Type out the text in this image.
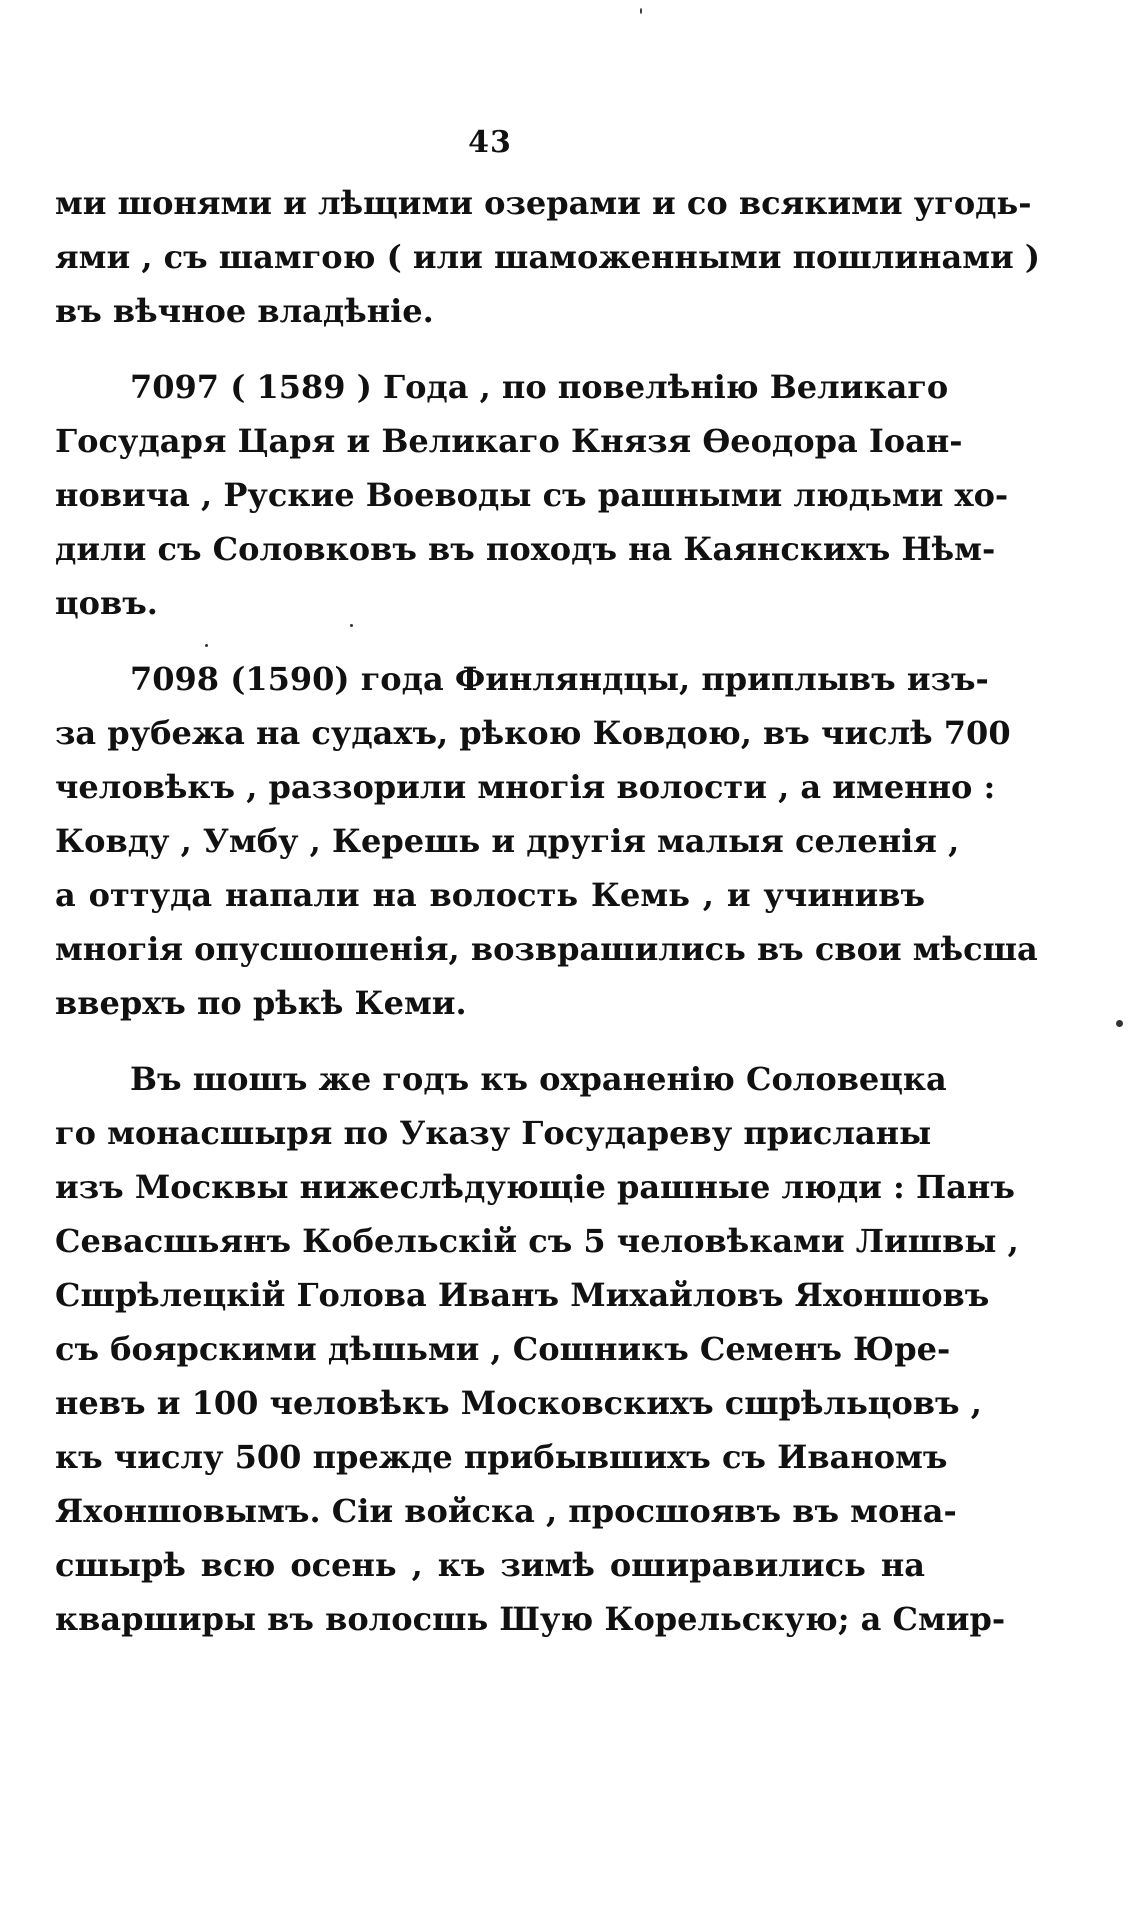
43
ми шонями и лѣщими озерами и со всякими угодь-
ями , съ шамгою ( или шаможенными пошлинами )
въ вѣчное владѣніе.
7097 ( 1589 ) Года , по повелѣнію Великаго
Государя Царя и Великаго Князя Ѳеодора Іоан-
новича , Руские Воеводы съ рашными людьми хо-
дили съ Соловковъ въ походъ на Каянскихъ Нѣм-
цовъ.
7098 (1590) года Финляндцы, приплывъ изъ-
за рубежа на судахъ, рѣкою Ковдою, въ числѣ 700
человѣкъ , раззорили многія волости , а именно :
Ковду , Умбу , Керешь и другія малыя селенія ,
а оттуда напали на волость Кемь , и учинивъ
многія опусшошенія, возврашились въ свои мѣсша
вверхъ по рѣкѣ Кеми.
Въ шошъ же годъ къ охраненію Соловецка
го монасшыря по Указу Государеву присланы
изъ Москвы нижеслѣдующіе рашные люди : Панъ
Севасшьянъ Кобельскій съ 5 человѣками Лишвы ,
Сшрѣлецкій Голова Иванъ Михайловъ Яхоншовъ
съ боярскими дѣшьми , Сошникъ Семенъ Юре-
невъ и 100 человѣкъ Московскихъ сшрѣльцовъ ,
къ числу 500 прежде прибывшихъ съ Иваномъ
Яхоншовымъ. Сіи войска , просшоявъ въ мона-
сшырѣ всю осень , къ зимѣ оширавились на
кварширы въ волосшь Шую Корельскую; а Смир-
